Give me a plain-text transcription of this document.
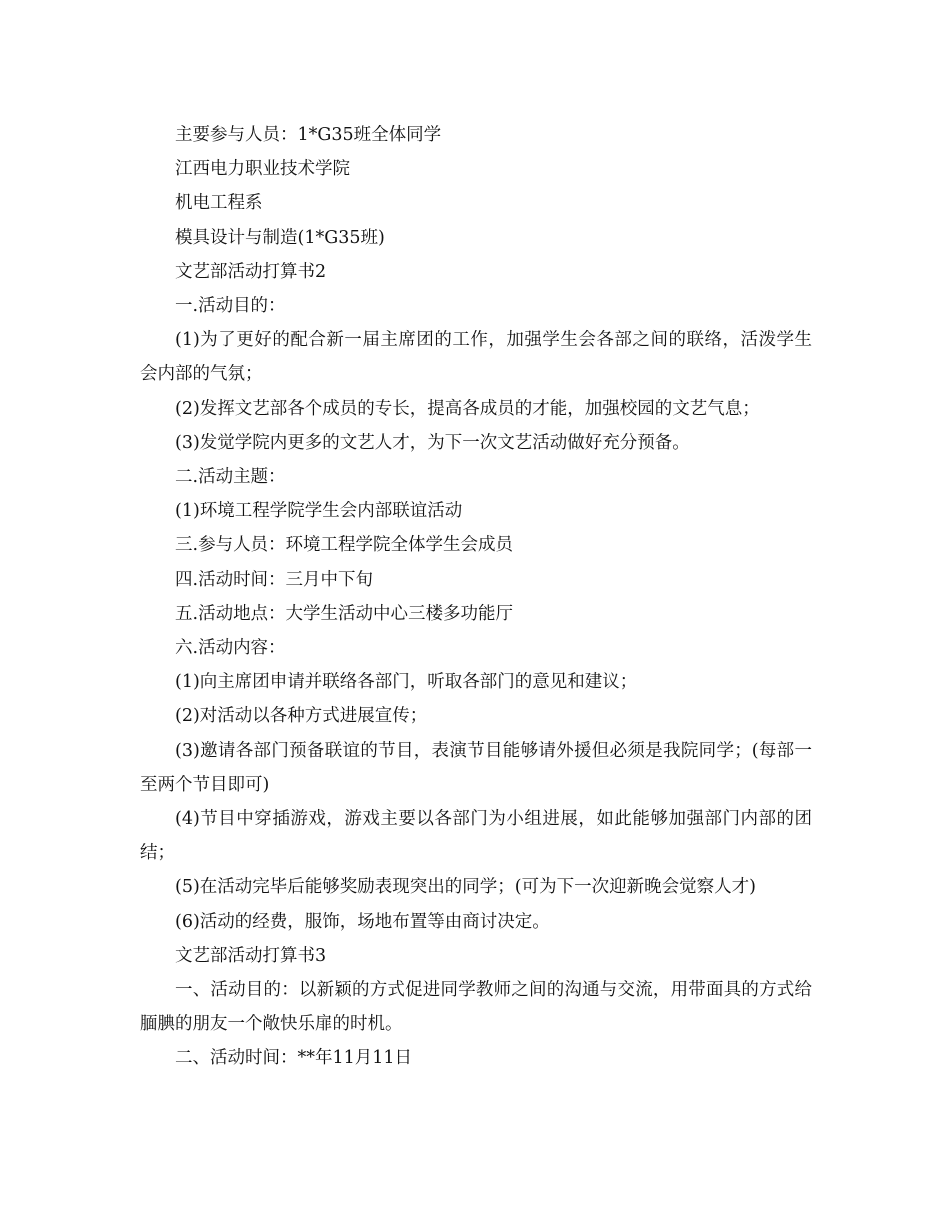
主要参与人员：1*G35班全体同学

江西电力职业技术学院

机电工程系

模具设计与制造(1*G35班)

文艺部活动打算书2

一.活动目的：

(1)为了更好的配合新一届主席团的工作，加强学生会各部之间的联络，活泼学生会内部的气氛；

(2)发挥文艺部各个成员的专长，提高各成员的才能，加强校园的文艺气息；

(3)发觉学院内更多的文艺人才，为下一次文艺活动做好充分预备。

二.活动主题：

(1)环境工程学院学生会内部联谊活动

三.参与人员：环境工程学院全体学生会成员

四.活动时间：三月中下旬

五.活动地点：大学生活动中心三楼多功能厅

六.活动内容：

(1)向主席团申请并联络各部门，听取各部门的意见和建议；

(2)对活动以各种方式进展宣传；

(3)邀请各部门预备联谊的节目，表演节目能够请外援但必须是我院同学；(每部一至两个节目即可)

(4)节目中穿插游戏，游戏主要以各部门为小组进展，如此能够加强部门内部的团结；

(5)在活动完毕后能够奖励表现突出的同学；(可为下一次迎新晚会觉察人才)

(6)活动的经费，服饰，场地布置等由商讨决定。

文艺部活动打算书3

一、活动目的：以新颖的方式促进同学教师之间的沟通与交流，用带面具的方式给腼腆的朋友一个敞快乐扉的时机。

二、活动时间：**年11月11日
